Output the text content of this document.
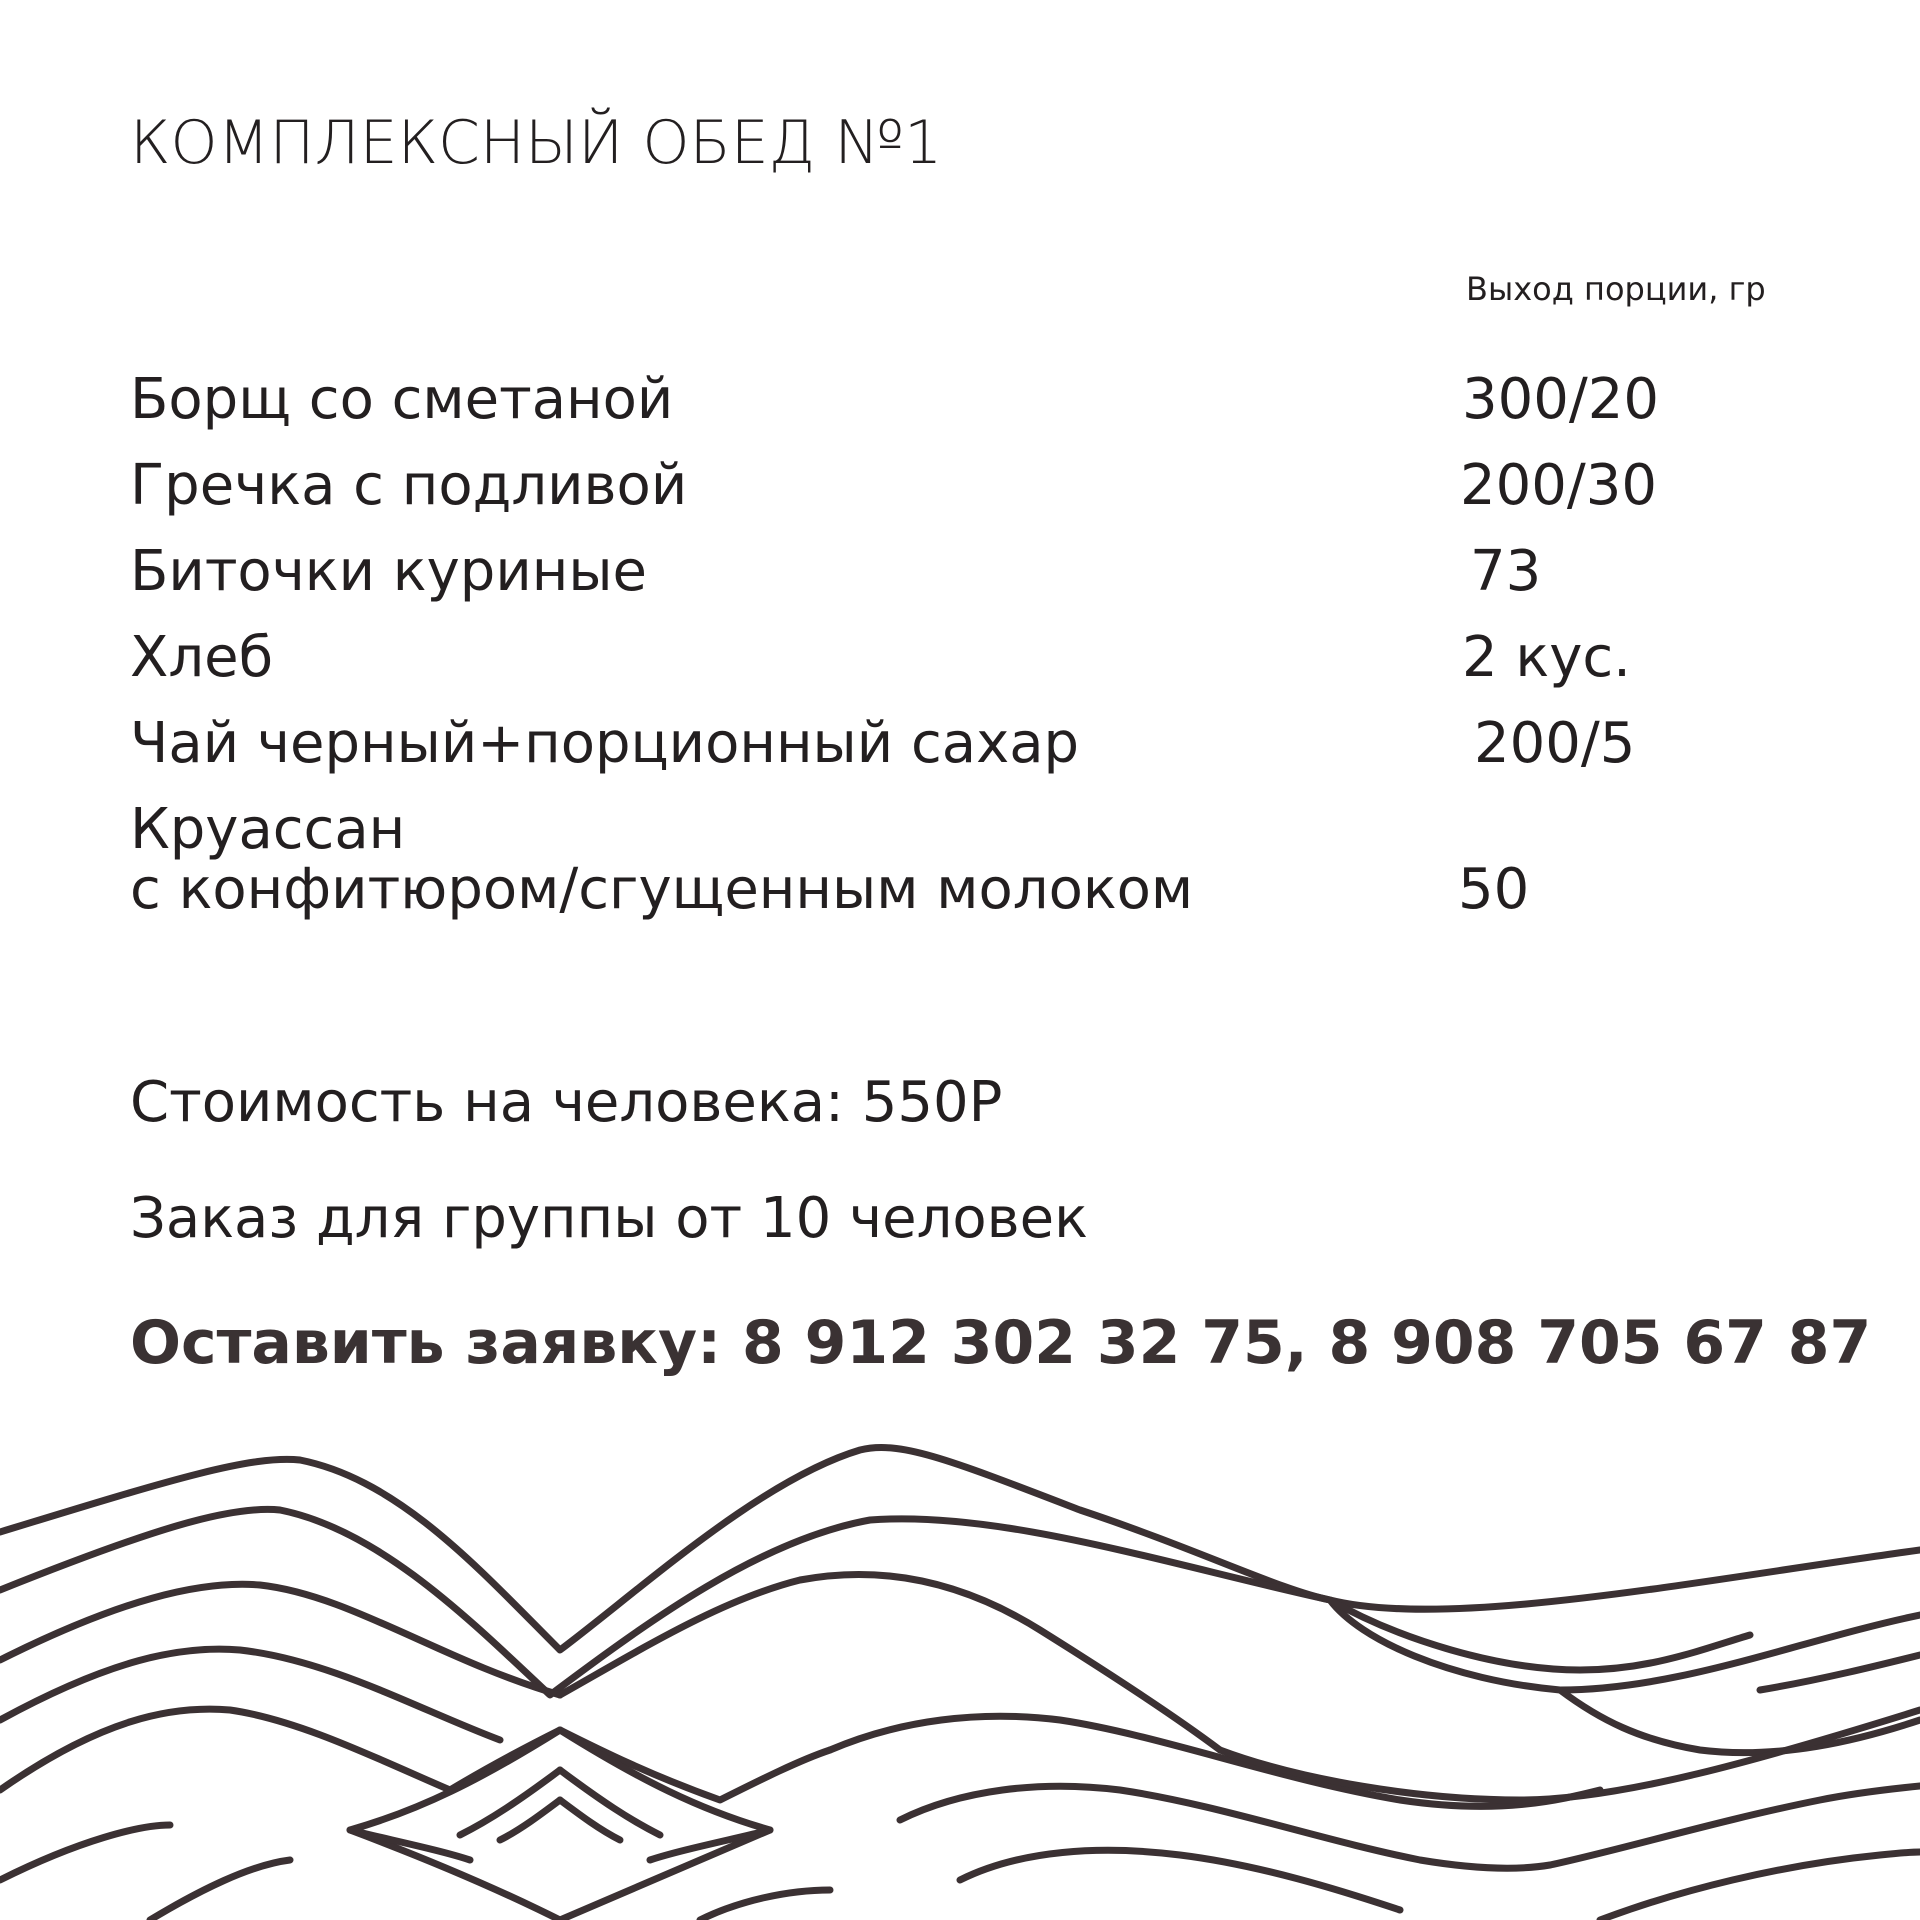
КОМПЛЕКСНЫЙ ОБЕД №1
Выход порции, гр
Борщ со сметаной	300/20
Гречка с подливой	200/30
Биточки куриные	73
Хлеб	2 кус.
Чай черный+порционный сахар	200/5
Круассан
с конфитюром/сгущенным молоком	50
Стоимость на человека: 550Р
Заказ для группы от 10 человек
Оставить заявку: 8 912 302 32 75, 8 908 705 67 87
